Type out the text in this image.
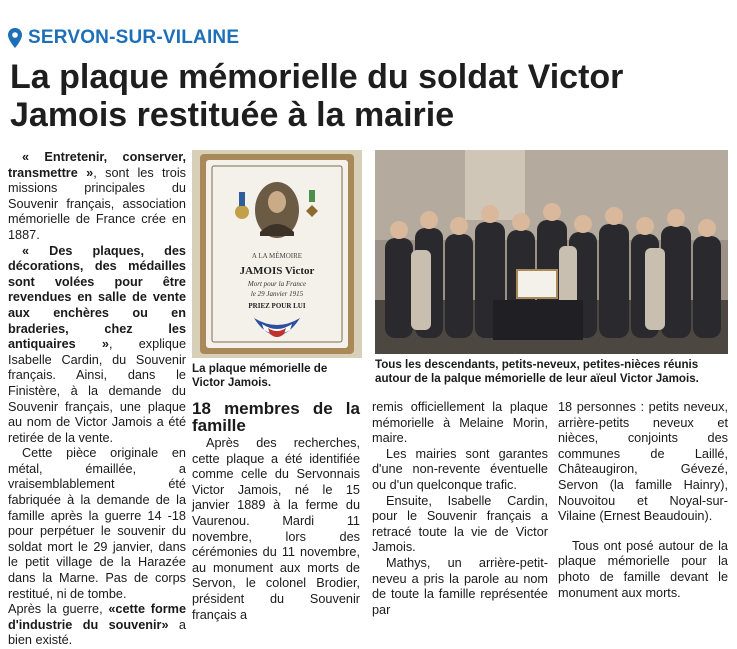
SERVON-SUR-VILAINE
La plaque mémorielle du soldat Victor Jamois restituée à la mairie

« Entretenir, conserver, transmettre », sont les trois missions principales du Souvenir français, association mémorielle de France crée en 1887.

« Des plaques, des décorations, des médailles sont volées pour être revendues en salle de vente aux enchères ou en braderies, chez les antiquaires », explique Isabelle Cardin, du Souvenir français. Ainsi, dans le Finistère, à la demande du Souvenir français, une plaque au nom de Victor Jamois a été retirée de la vente.

Cette pièce originale en métal, émaillée, a vraisemblablement été fabriquée à la demande de la famille après la guerre 14 -18 pour perpétuer le souvenir du soldat mort le 29 janvier, dans le petit village de la Harazée dans la Marne. Pas de corps restitué, ni de tombe.

Après la guerre, «cette forme d'industrie du souvenir» a bien existé.

A LA MÉMOIRE
JAMOIS Victor
Mort pour la France
le 29 Janvier 1915
PRIEZ POUR LUI
La plaque mémorielle de Victor Jamois.
Tous les descendants, petits-neveux, petites-nièces réunis autour de la palque mémorielle de leur aïeul Victor Jamois.
18 membres de la famille

Après des recherches, cette plaque a été identifiée comme celle du Servonnais Victor Jamois, né le 15 janvier 1889 à la ferme du Vaurenou. Mardi 11 novembre, lors des cérémonies du 11 novembre, au monument aux morts de Servon, le colonel Brodier, président du Souvenir français a

remis officiellement la plaque mémorielle à Melaine Morin, maire.

Les mairies sont garantes d'une non-revente éventuelle ou d'un quelconque trafic.

Ensuite, Isabelle Cardin, pour le Souvenir français a retracé toute la vie de Victor Jamois.

Mathys, un arrière-petit-neveu a pris la parole au nom de toute la famille représentée par

18 personnes : petits neveux, arrière-petits neveux et nièces, conjoints des communes de Laillé, Châteaugiron, Gévezé, Servon (la famille Hainry), Nouvoitou et Noyal-sur-Vilaine (Ernest Beaudouin).

Tous ont posé autour de la plaque mémorielle pour la photo de famille devant le monument aux morts.
